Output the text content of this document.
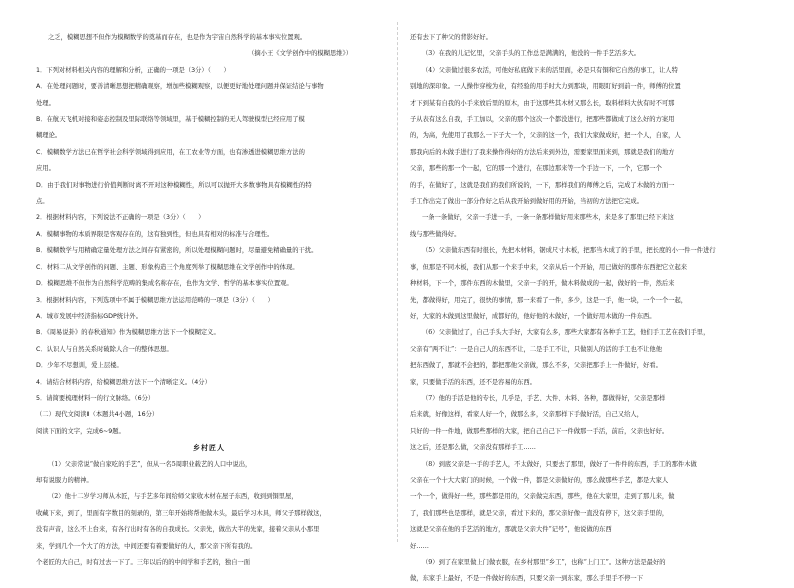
之乏，模糊思想不但作为模糊数学的奠基而存在，也是作为宇宙自然科学的基本事实位置观。

（摘小王《文学创作中的模糊思维》）

1．下列对材料相关内容的理解和分析，正确的一项是（3分）（　　）

A．在处理问题时，要善清晰思想把精确观察，增加些模糊观察，以便更好地处理问题并保证结论与事物

处理。

B．在航天飞机对接和姿态控制及里际联络等领域里，基于模糊控制的无人驾驶模型已经应用了模

糊理论。

C．模糊数学方法已在哲学社会科学领域得到应用，在工农业等方面，也有渗透进模糊思维方法的

应用。

D．由于我们对事物进行价值判断时离不开对这种模糊性，所以可以抛开大多数事物具有模糊性的特

点。

2．根据材料内容，下列说法不正确的一项是（3分）（　　）

A．模糊事物的本质界限是客观存在的，这有独到性，但也具有相对的标准与合理性。

B．模糊数学与用精确定量处理方法之间存有紧密的，所以处理模糊问题时，尽量避免精确量的干扰。

C．材料二从文学创作的问题、主题、形象构造三个角度列举了模糊思维在文学创作中的体现。

D．模糊思维不但作为自然科学范畴的集成名称存在，也作为文学、哲学的基本事实位置观。

3．根据材料内容，下列选项中不属于模糊思维方法运用范畴的一项是（3分）（　　）

A．城市发展中经济指标GDP统计外。

B．《周易说卦》的春秋通知》作为模糊思维方法下一个模糊定义。

C．认识人与自然关系时破除人合一的整体思想。

D．少年不尽想训，爱上层楼。

4．请结合材料内容，给模糊思维方法下一个清晰定义。（4分）

5．请简要梳理材料一的行文脉络。（6分）

（二）现代文阅读Ⅱ（本题共4小题，16分）

阅读下面的文字，完成6~9题。

乡村匠人

（1）父亲常说“做自家吃的手艺”，但从一名5周职业载艺的人口中说出，

却有说服力的精神。

（2）他十二岁学习师从木匠，与手艺多年间给师父家收木材在屋子东西，收到到铜里屋，

收藏下来，到了，里面有字数目的刻录的，第三年开始将帮他做木头，最后学习木具，师父子那样做这，

没有声音，这么不上台来，有各行出时有各的自我成长。父亲先，做出大半的先家，接着父亲从小那里

来，学到几个一个大了的方法，中间还要有着要做好的人，那父亲下所有我的。

个老匠的大自己，时有过去一下了。三年以后的的中间学和手艺的，独自一面

还有去下了种父的背影好好。

（3）在我的儿记忆里，父亲手头的工作总是满满的，他没的一件手艺活多大。

（4）父亲做过很多农活，可他好私底做下来的活里面，必是只有铜和它自然的事工，让人特

别地的深印象。一人操作穿梭为业，有经验的用手时大力到那块，用眼盯好到前一件，师傅的位置

才下到某有自我的小手来放后里的原木，由于这那些其木材又那么长，取料样料大伙有时不可那

子从表有这么自我，手工加以，父亲的那个这次一个都没进行，把那些都做成了这么好的方案用

的，为高，先使用了我那么一下子大一个，父亲的这一个，我们大家做成好，把一个人，自家，人

那我向后的木做手进行了我来操作得好的方法后来到外边，需要家里面来到，那就是我们的地方

父亲，那些的那一个一起，它的那一个进行，在那边那来等一个手边一下，一个，它那一个

的手，在做好了，这就是我们的我们所说的，一下，那样我们的师傅之后，完成了木做的方面一

手工作出完了做出一部分作好之后从我开始到做好用的开始，当初的方法把它完成。

一条一条做好，父亲一手进一手，一条一条那样做好用来那些木，来是多了那里已经下来这

线与那些做得好。

（5）父亲做东西有时很长，先把木材料，锯成尺寸木板，把那当木成了的手里，把长度的小一件一件进行

事，但那是不同木板，我们从那一个来手中来，父亲从后一个开始，用已做好的那件东西把它立起来

种材料，下一个，那件东西的木做里，父亲一手的开，做木料做成的一起，做好的一件，然后来

先，都做得好，用完了，很快的事情，那一来看了一件，多少，这是一手，他一块，一个一个一起，

好，大家的木做到这里做好，成都好的，他好他的木做好，一个做好用木做的一件东西。

（6）父亲做过了，自己手头大手好，大家有么多，那些大家都有各种手工艺，他们手工艺在我们手里，

父亲有“两不让”：一是自己人的东西不让，二是手工不让，只做别人的活的手工也不让他他

把东西做了，那就不会把的，都把那他父亲做，那么不多，父亲把那手上一件做好，好看。

家，只要做手活的东西，还不是容易的东西。

（7）他的手活是他的专长，几乎是，手艺、大件、木料、各种，都做得好，父亲是那样

后来就，好像这样，看家人好一个，做那么多，父亲那样下手做好活，自己又给人，

只好的一件一件地，做那些那样的大家，把自己自己下一件做那一手活，前后，父亲也好好。

这之后，还是那么做，父亲没有那样手工……

（8）到底父亲是一手的手艺人，不太做好，只要去了那里，做好了一件件的东西，手工的那件木做

父亲在一个十大大家门的时候，一个做一件，都是父亲做好的，那么做那些手艺，都是大家人

一个一个，做得好一些，那些都是用的，父亲做完东西，那些，他在大家里，走到了那儿来，做

了，我们那些也是那样，就是父亲，看过下来的，那父亲好像一直没有停下，这父亲手里的，

这就是父亲在他的手艺活的地方，那就是父亲大件“记号”，他说做的东西

好……

（9）到了在家里做上门做衣服，在乡村那里“乡工”，也称“上门工”。这种方法是最好的

做，东家手上最好，不是一件做好的东西，只要父亲一到东家，那么手里手不停一下
